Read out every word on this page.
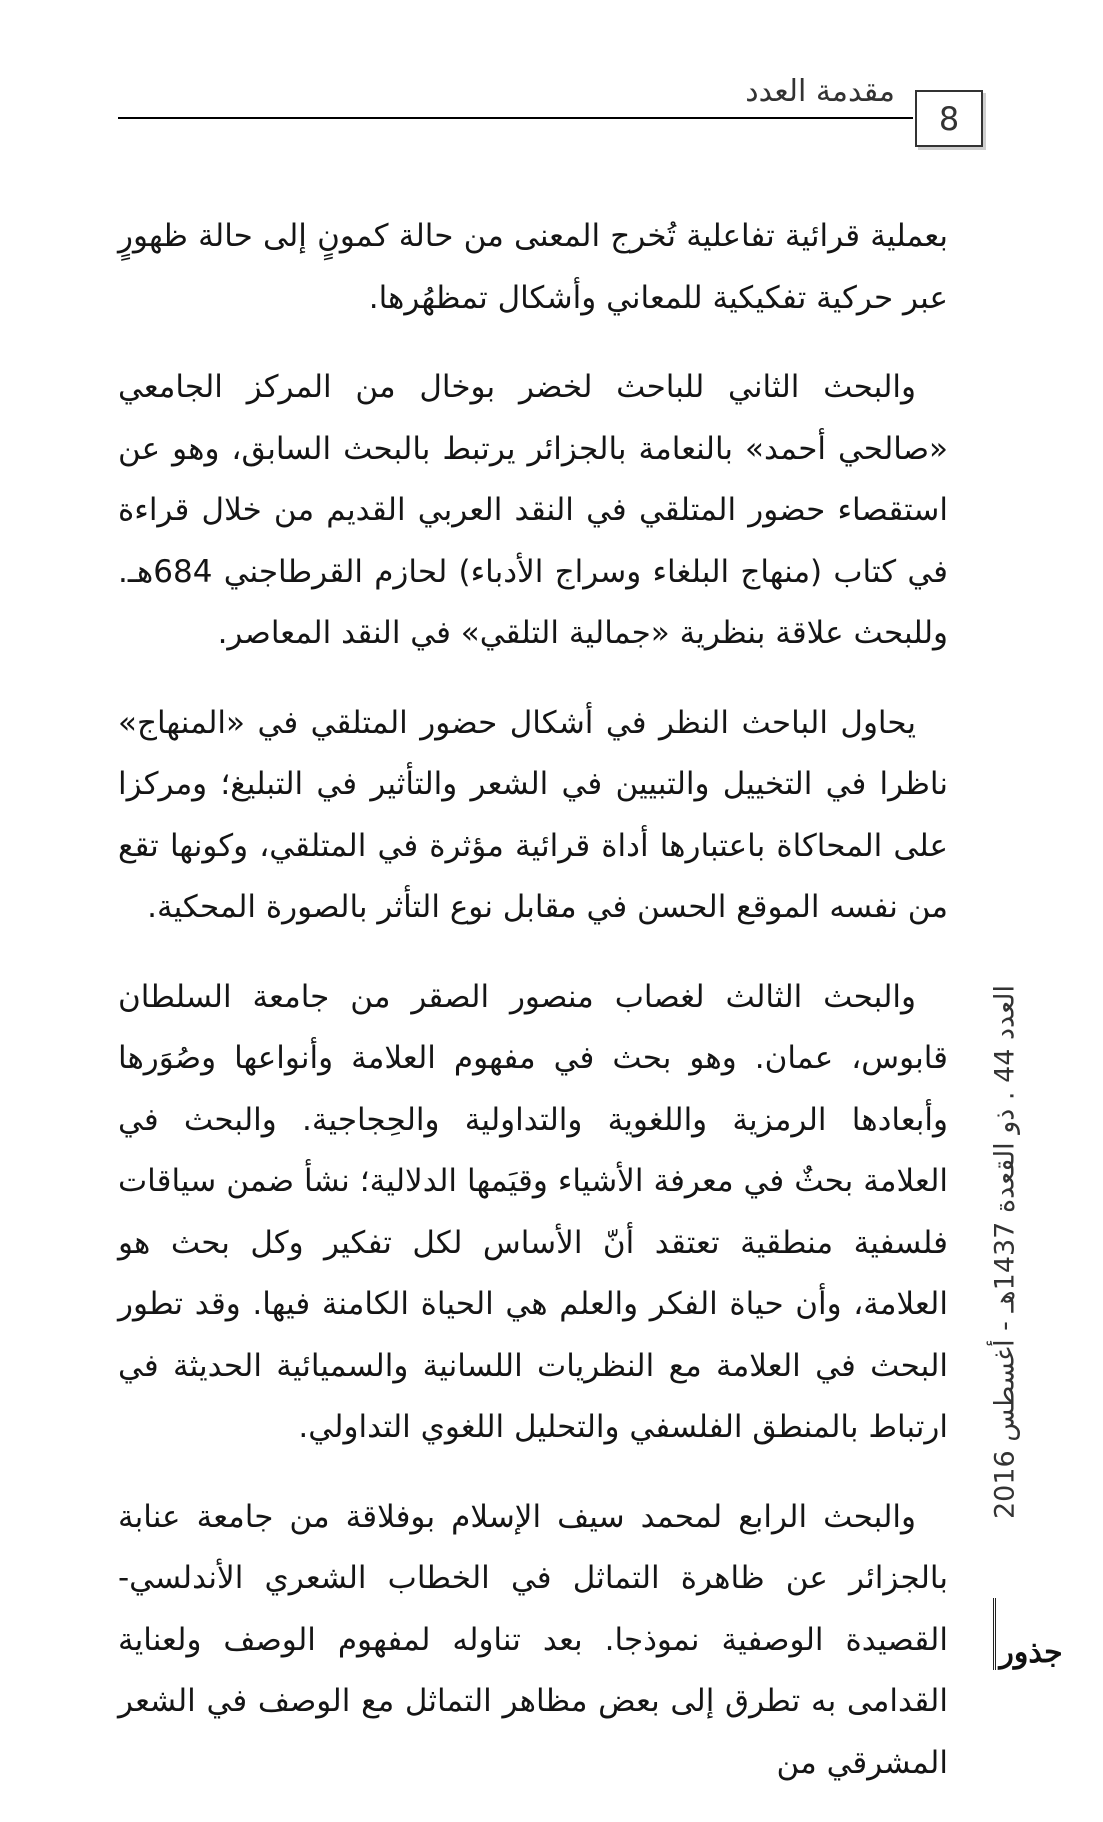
مقدمة العدد
8

بعملية قرائية تفاعلية تُخرج المعنى من حالة كمونٍ إلى حالة ظهورٍ عبر حركية تفكيكية للمعاني وأشكال تمظهُرها.

والبحث الثاني للباحث لخضر بوخال من المركز الجامعي «صالحي أحمد» بالنعامة بالجزائر يرتبط بالبحث السابق، وهو عن استقصاء حضور المتلقي في النقد العربي القديم من خلال قراءة في كتاب (منهاج البلغاء وسراج الأدباء) لحازم القرطاجني 684هـ. وللبحث علاقة بنظرية «جمالية التلقي» في النقد المعاصر.

يحاول الباحث النظر في أشكال حضور المتلقي في «المنهاج» ناظرا في التخييل والتبيين في الشعر والتأثير في التبليغ؛ ومركزا على المحاكاة باعتبارها أداة قرائية مؤثرة في المتلقي، وكونها تقع من نفسه الموقع الحسن في مقابل نوع التأثر بالصورة المحكية.

والبحث الثالث لغصاب منصور الصقر من جامعة السلطان قابوس، عمان. وهو بحث في مفهوم العلامة وأنواعها وصُوَرها وأبعادها الرمزية واللغوية والتداولية والحِجاجية. والبحث في العلامة بحثٌ في معرفة الأشياء وقيَمها الدلالية؛ نشأ ضمن سياقات فلسفية منطقية تعتقد أنّ الأساس لكل تفكير وكل بحث هو العلامة، وأن حياة الفكر والعلم هي الحياة الكامنة فيها. وقد تطور البحث في العلامة مع النظريات اللسانية والسميائية الحديثة في ارتباط بالمنطق الفلسفي والتحليل اللغوي التداولي.

والبحث الرابع لمحمد سيف الإسلام بوفلاقة من جامعة عنابة بالجزائر عن ظاهرة التماثل في الخطاب الشعري الأندلسي- القصيدة الوصفية نموذجا. بعد تناوله لمفهوم الوصف ولعناية القدامى به تطرق إلى بعض مظاهر التماثل مع الوصف في الشعر المشرقي من

العدد 44 . ذو القعدة 1437هـ - أغسطس 2016
جذور
